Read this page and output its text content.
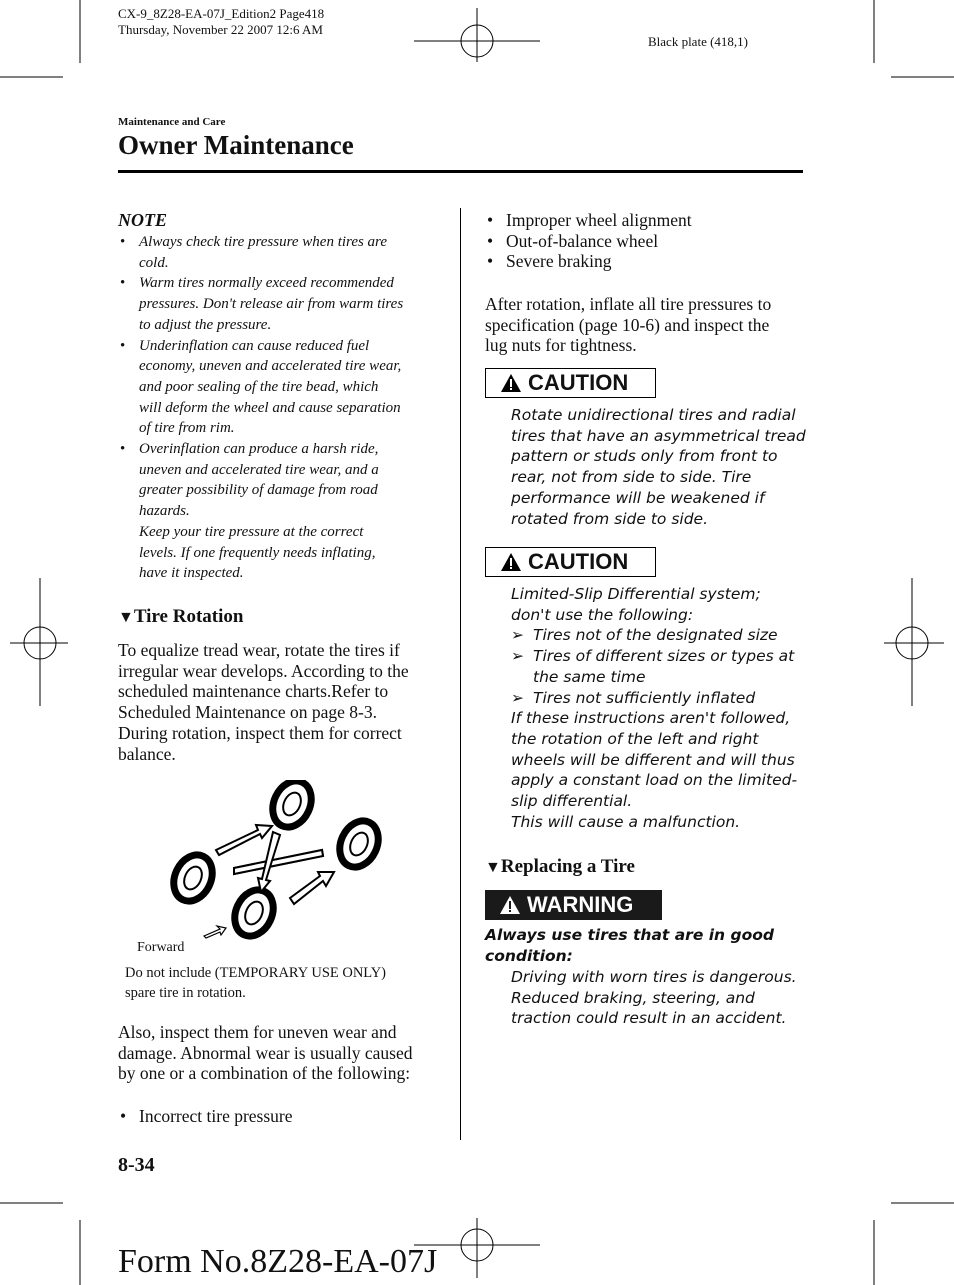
CX-9_8Z28-EA-07J_Edition2 Page418
Thursday, November 22 2007 12:6 AM
Black plate (418,1)
Maintenance and Care
Owner Maintenance
NOTE
• Always check tire pressure when tires are
cold.
• Warm tires normally exceed recommended
pressures. Don't release air from warm tires
to adjust the pressure.
• Underinflation can cause reduced fuel
economy, uneven and accelerated tire wear,
and poor sealing of the tire bead, which
will deform the wheel and cause separation
of tire from rim.
• Overinflation can produce a harsh ride,
uneven and accelerated tire wear, and a
greater possibility of damage from road
hazards.
Keep your tire pressure at the correct
levels. If one frequently needs inflating,
have it inspected.
▼Tire Rotation
To equalize tread wear, rotate the tires if
irregular wear develops. According to the
scheduled maintenance charts.Refer to
Scheduled Maintenance on page 8-3.
During rotation, inspect them for correct
balance.
Forward
Do not include (TEMPORARY USE ONLY)
spare tire in rotation.
Also, inspect them for uneven wear and
damage. Abnormal wear is usually caused
by one or a combination of the following:
• Incorrect tire pressure
• Improper wheel alignment
• Out-of-balance wheel
• Severe braking
After rotation, inflate all tire pressures to
specification (page 10-6) and inspect the
lug nuts for tightness.
CAUTION
Rotate unidirectional tires and radial
tires that have an asymmetrical tread
pattern or studs only from front to
rear, not from side to side. Tire
performance will be weakened if
rotated from side to side.
CAUTION
Limited-Slip Differential system;
don't use the following:
➢ Tires not of the designated size
➢ Tires of different sizes or types at
the same time
➢ Tires not sufficiently inflated
If these instructions aren't followed,
the rotation of the left and right
wheels will be different and will thus
apply a constant load on the limited-
slip differential.
This will cause a malfunction.
▼Replacing a Tire
WARNING
Always use tires that are in good
condition:
Driving with worn tires is dangerous.
Reduced braking, steering, and
traction could result in an accident.
8-34
Form No.8Z28-EA-07J
